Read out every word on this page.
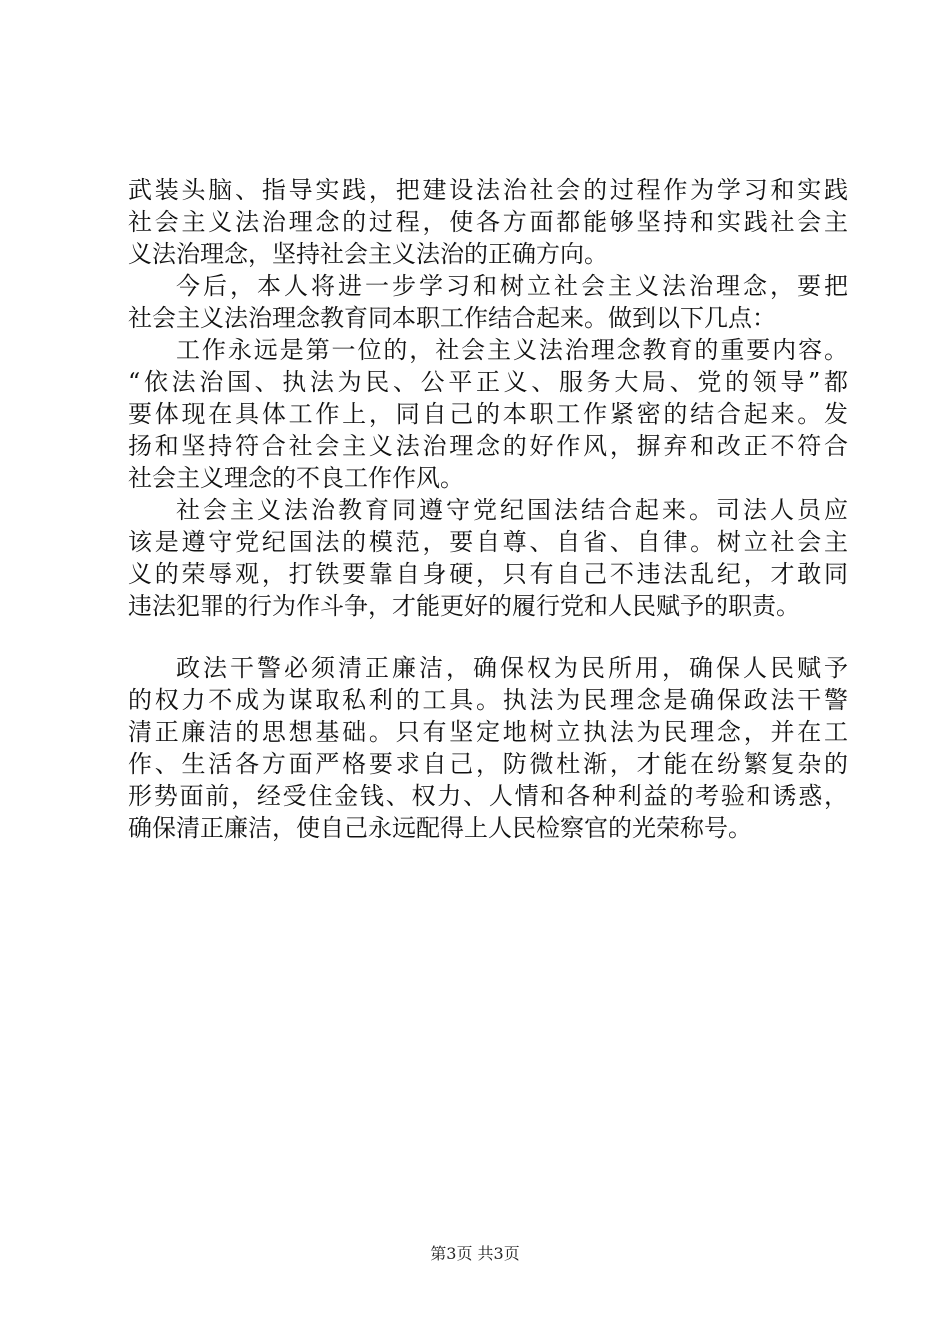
武装头脑、指导实践，把建设法治社会的过程作为学习和实践
社会主义法治理念的过程，使各方面都能够坚持和实践社会主
义法治理念，坚持社会主义法治的正确方向。
今后，本人将进一步学习和树立社会主义法治理念，要把
社会主义法治理念教育同本职工作结合起来。做到以下几点：
工作永远是第一位的，社会主义法治理念教育的重要内容。
“依法治国、执法为民、公平正义、服务大局、党的领导”都
要体现在具体工作上，同自己的本职工作紧密的结合起来。发
扬和坚持符合社会主义法治理念的好作风，摒弃和改正不符合
社会主义理念的不良工作作风。
社会主义法治教育同遵守党纪国法结合起来。司法人员应
该是遵守党纪国法的模范，要自尊、自省、自律。树立社会主
义的荣辱观，打铁要靠自身硬，只有自己不违法乱纪，才敢同
违法犯罪的行为作斗争，才能更好的履行党和人民赋予的职责。
政法干警必须清正廉洁，确保权为民所用，确保人民赋予
的权力不成为谋取私利的工具。执法为民理念是确保政法干警
清正廉洁的思想基础。只有坚定地树立执法为民理念，并在工
作、生活各方面严格要求自己，防微杜渐，才能在纷繁复杂的
形势面前，经受住金钱、权力、人情和各种利益的考验和诱惑，
确保清正廉洁，使自己永远配得上人民检察官的光荣称号。
第3页 共3页
